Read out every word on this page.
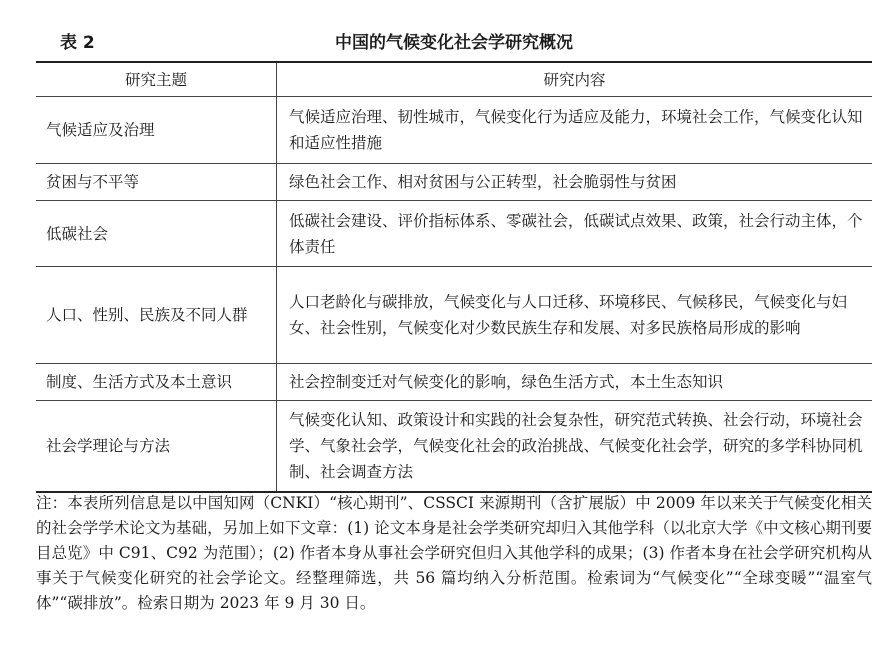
表 2	中国的气候变化社会学研究概况
研究主题	研究内容
气候适应及治理	气候适应治理、韧性城市，气候变化行为适应及能力，环境社会工作，气候变化认知和适应性措施
贫困与不平等	绿色社会工作、相对贫困与公正转型，社会脆弱性与贫困
低碳社会	低碳社会建设、评价指标体系、零碳社会，低碳试点效果、政策，社会行动主体，个体责任
人口、性别、民族及不同人群	人口老龄化与碳排放，气候变化与人口迁移、环境移民、气候移民，气候变化与妇女、社会性别，气候变化对少数民族生存和发展、对多民族格局形成的影响
制度、生活方式及本土意识	社会控制变迁对气候变化的影响，绿色生活方式，本土生态知识
社会学理论与方法	气候变化认知、政策设计和实践的社会复杂性，研究范式转换、社会行动，环境社会学、气象社会学，气候变化社会的政治挑战、气候变化社会学，研究的多学科协同机制、社会调查方法
注：本表所列信息是以中国知网（CNKI）“核心期刊”、CSSCI 来源期刊（含扩展版）中 2009 年以来关于气候变化相关的社会学学术论文为基础，另加上如下文章：(1) 论文本身是社会学类研究却归入其他学科（以北京大学《中文核心期刊要目总览》中 C91、C92 为范围）；(2) 作者本身从事社会学研究但归入其他学科的成果；(3) 作者本身在社会学研究机构从事关于气候变化研究的社会学论文。经整理筛选，共 56 篇均纳入分析范围。检索词为“气候变化”“全球变暖”“温室气体”“碳排放”。检索日期为 2023 年 9 月 30 日。
